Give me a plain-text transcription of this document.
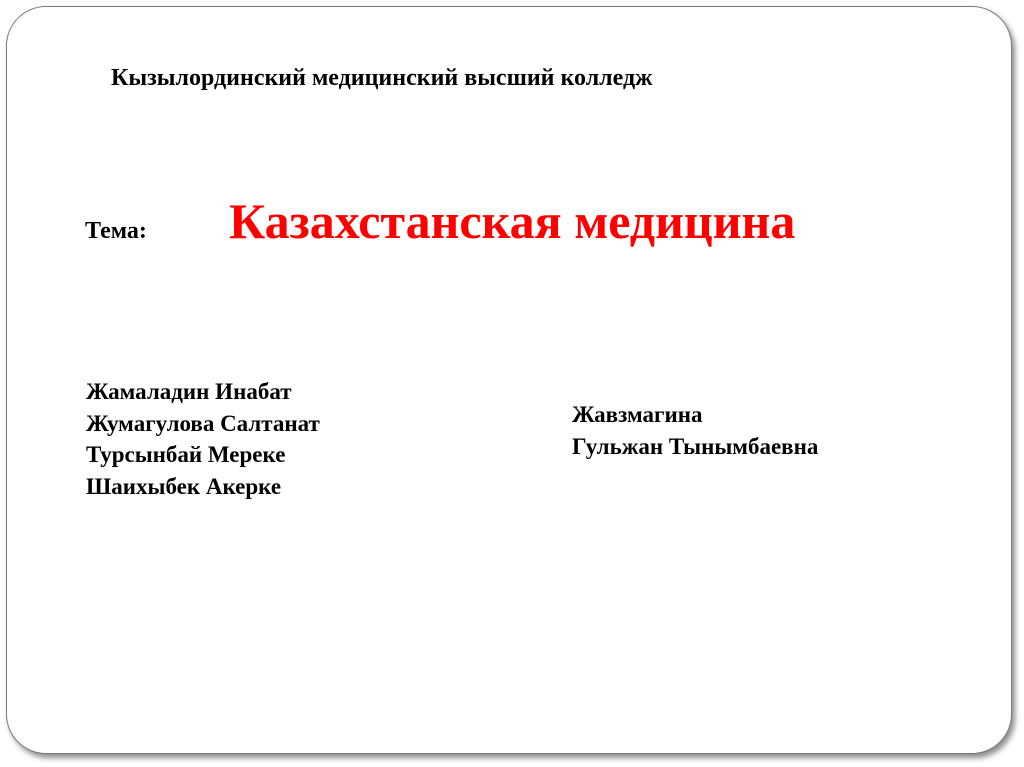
Кызылординский медицинский высший колледж

Тема: Казахстанская медицина

Жамаладин Инабат
Жумагулова Салтанат
Турсынбай Мереке
Шаихыбек Акерке
Жавзмагина
Гульжан Тынымбаевна
